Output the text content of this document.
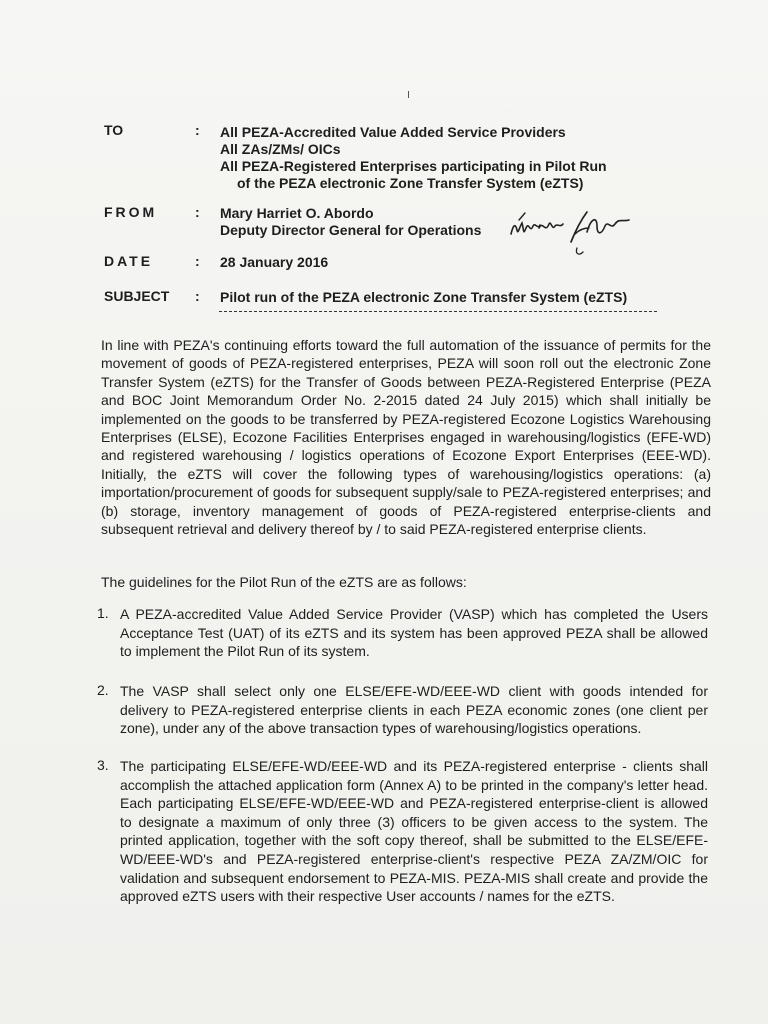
TO	: All PEZA-Accredited Value Added Service Providers
All ZAs/ZMs/ OICs
All PEZA-Registered Enterprises participating in Pilot Run
of the PEZA electronic Zone Transfer System (eZTS)
FROM	: Mary Harriet O. Abordo
Deputy Director General for Operations
DATE	: 28 January 2016
SUBJECT : Pilot run of the PEZA electronic Zone Transfer System (eZTS)
In line with PEZA's continuing efforts toward the full automation of the issuance of permits for the movement of goods of PEZA-registered enterprises, PEZA will soon roll out the electronic Zone Transfer System (eZTS) for the Transfer of Goods between PEZA-Registered Enterprise (PEZA and BOC Joint Memorandum Order No. 2-2015 dated 24 July 2015) which shall initially be implemented on the goods to be transferred by PEZA-registered Ecozone Logistics Warehousing Enterprises (ELSE), Ecozone Facilities Enterprises engaged in warehousing/logistics (EFE-WD) and registered warehousing / logistics operations of Ecozone Export Enterprises (EEE-WD). Initially, the eZTS will cover the following types of warehousing/logistics operations: (a) importation/procurement of goods for subsequent supply/sale to PEZA-registered enterprises; and (b) storage, inventory management of goods of PEZA-registered enterprise-clients and subsequent retrieval and delivery thereof by / to said PEZA-registered enterprise clients.
The guidelines for the Pilot Run of the eZTS are as follows:
1. A PEZA-accredited Value Added Service Provider (VASP) which has completed the Users Acceptance Test (UAT) of its eZTS and its system has been approved PEZA shall be allowed to implement the Pilot Run of its system.
2. The VASP shall select only one ELSE/EFE-WD/EEE-WD client with goods intended for delivery to PEZA-registered enterprise clients in each PEZA economic zones (one client per zone), under any of the above transaction types of warehousing/logistics operations.
3. The participating ELSE/EFE-WD/EEE-WD and its PEZA-registered enterprise - clients shall accomplish the attached application form (Annex A) to be printed in the company's letter head. Each participating ELSE/EFE-WD/EEE-WD and PEZA-registered enterprise-client is allowed to designate a maximum of only three (3) officers to be given access to the system. The printed application, together with the soft copy thereof, shall be submitted to the ELSE/EFE-WD/EEE-WD's and PEZA-registered enterprise-client's respective PEZA ZA/ZM/OIC for validation and subsequent endorsement to PEZA-MIS. PEZA-MIS shall create and provide the approved eZTS users with their respective User accounts / names for the eZTS.
